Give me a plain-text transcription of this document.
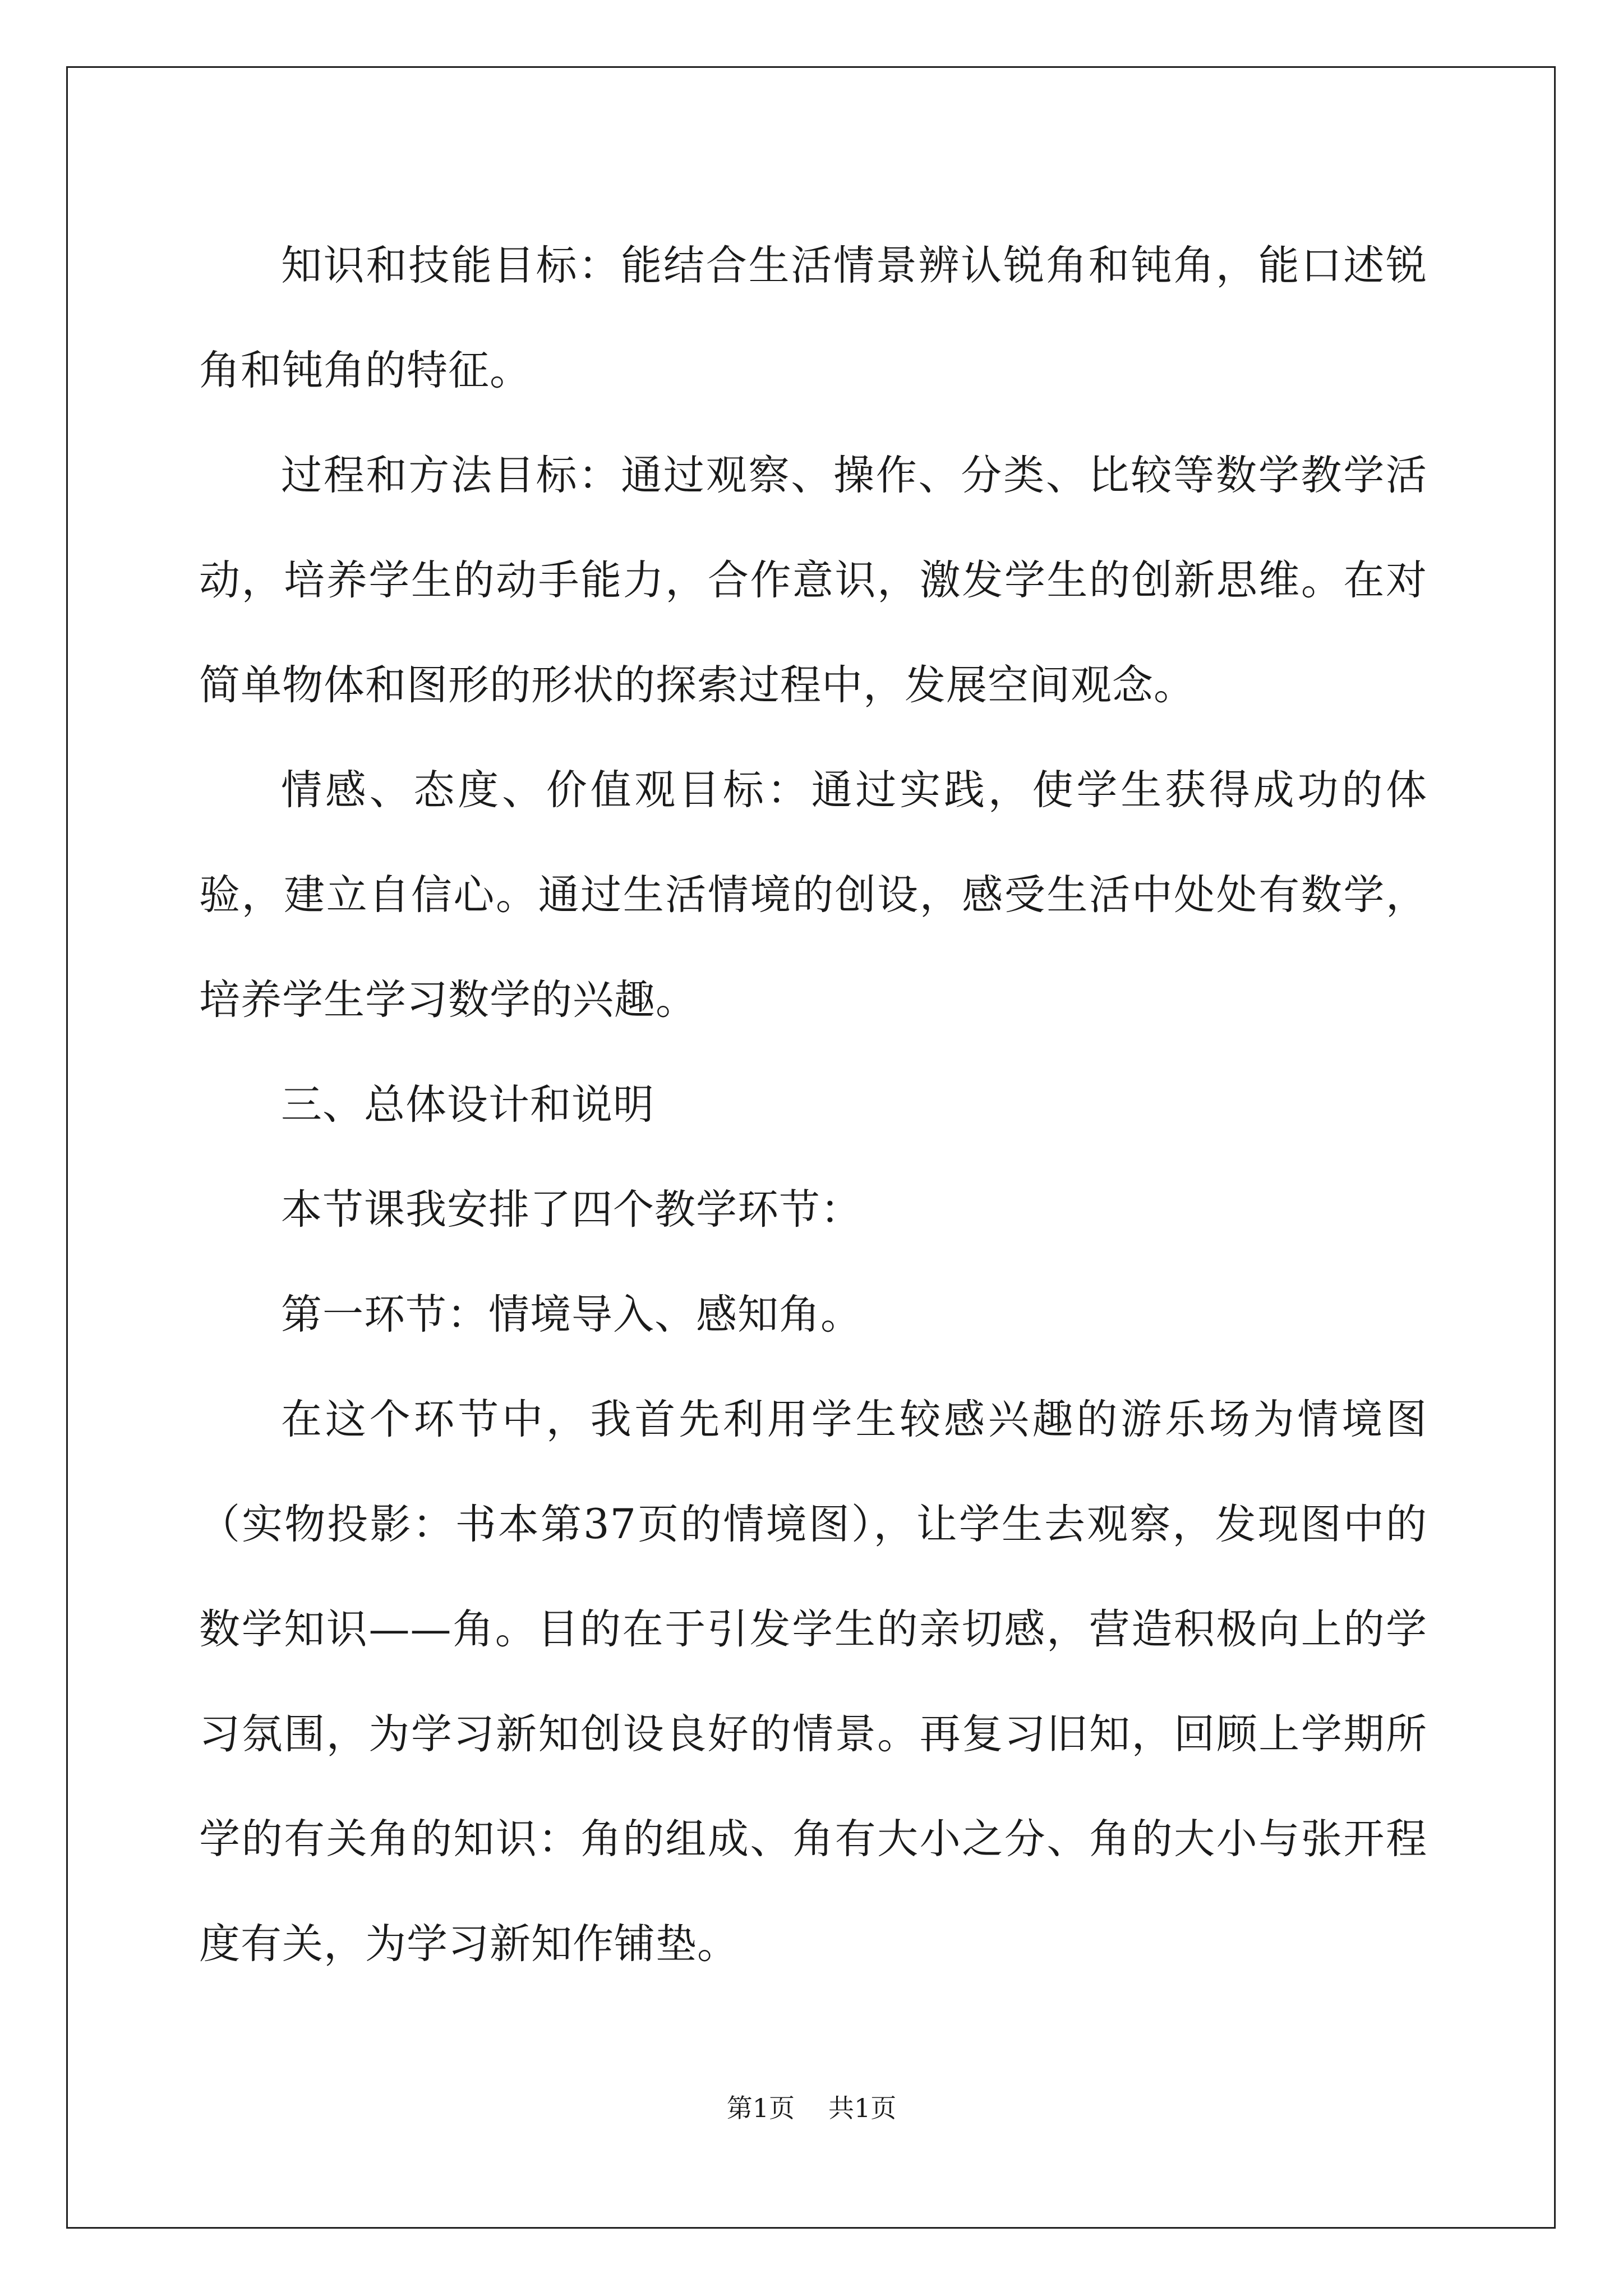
知识和技能目标：能结合生活情景辨认锐角和钝角，能口述锐角和钝角的特征。

过程和方法目标：通过观察、操作、分类、比较等数学教学活动，培养学生的动手能力，合作意识，激发学生的创新思维。在对简单物体和图形的形状的探索过程中，发展空间观念。

情感、态度、价值观目标：通过实践，使学生获得成功的体验，建立自信心。通过生活情境的创设，感受生活中处处有数学，培养学生学习数学的兴趣。

三、总体设计和说明

本节课我安排了四个教学环节：

第一环节：情境导入、感知角。

在这个环节中，我首先利用学生较感兴趣的游乐场为情境图（实物投影：书本第37页的情境图），让学生去观察，发现图中的数学知识——角。目的在于引发学生的亲切感，营造积极向上的学习氛围，为学习新知创设良好的情景。再复习旧知，回顾上学期所学的有关角的知识：角的组成、角有大小之分、角的大小与张开程度有关，为学习新知作铺垫。

第1页 共1页
